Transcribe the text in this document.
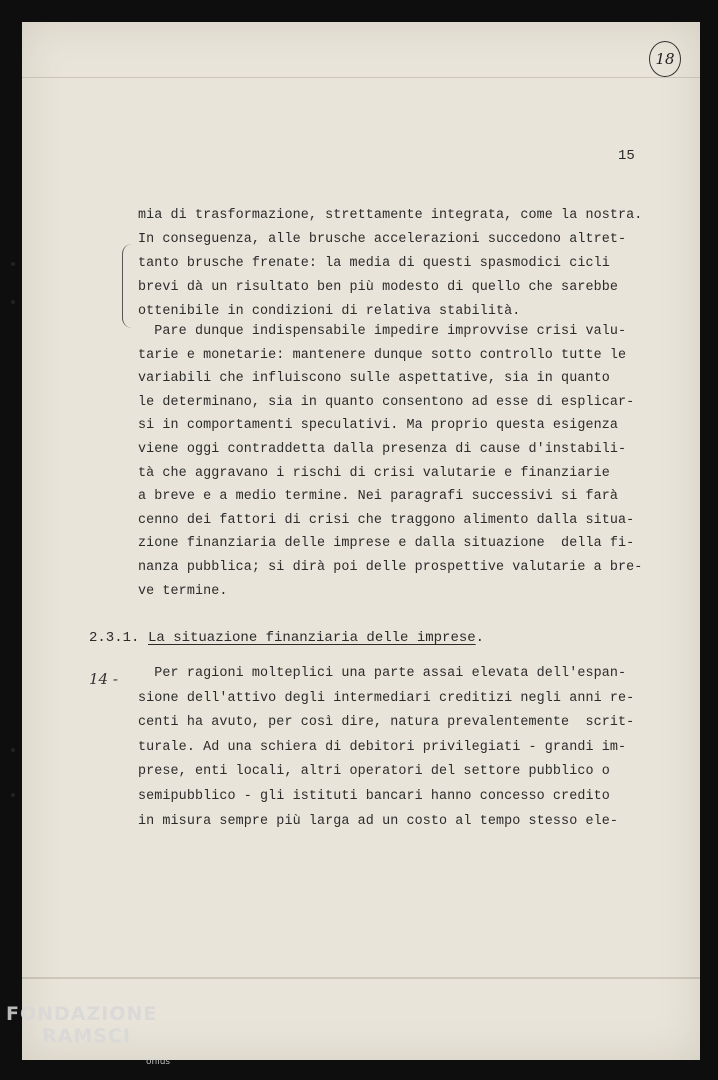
18
15
mia di trasformazione, strettamente integrata, come la nostra.
In conseguenza, alle brusche accelerazioni succedono altret-
tanto brusche frenate: la media di questi spasmodici cicli
brevi dà un risultato ben più modesto di quello che sarebbe
ottenibile in condizioni di relativa stabilità.
Pare dunque indispensabile impedire improvvise crisi valu-
tarie e monetarie: mantenere dunque sotto controllo tutte le
variabili che influiscono sulle aspettative, sia in quanto
le determinano, sia in quanto consentono ad esse di esplicar-
si in comportamenti speculativi. Ma proprio questa esigenza
viene oggi contraddetta dalla presenza di cause d'instabili-
tà che aggravano i rischi di crisi valutarie e finanziarie
a breve e a medio termine. Nei paragrafi successivi si farà
cenno dei fattori di crisi che traggono alimento dalla situa-
zione finanziaria delle imprese e dalla situazione  della fi-
nanza pubblica; si dirà poi delle prospettive valutarie a bre-
ve termine.
2.3.1. La situazione finanziaria delle imprese.
14 -	Per ragioni molteplici una parte assai elevata dell'espan-
sione dell'attivo degli intermediari creditizi negli anni re-
centi ha avuto, per così dire, natura prevalentemente  scrit-
turale. Ad una schiera di debitori privilegiati - grandi im-
prese, enti locali, altri operatori del settore pubblico o
semipubblico - gli istituti bancari hanno concesso credito
in misura sempre più larga ad un costo al tempo stesso ele-
FONDAZIONE
RAMSCI
onlus
